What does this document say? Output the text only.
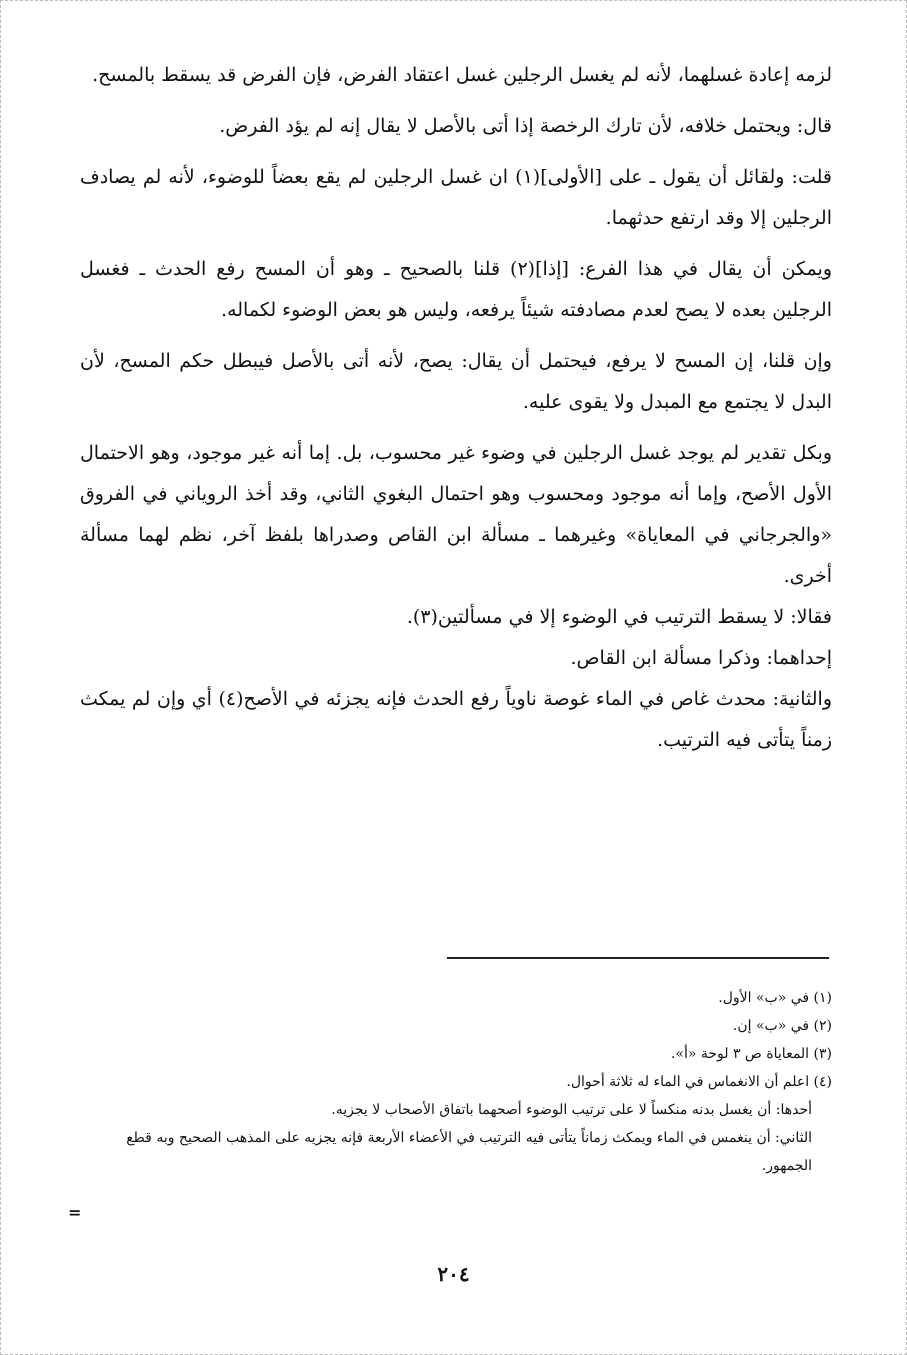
لزمه إعادة غسلهما، لأنه لم يغسل الرجلين غسل اعتقاد الفرض، فإن الفرض قد يسقط بالمسح.

قال: ويحتمل خلافه، لأن تارك الرخصة إذا أتى بالأصل لا يقال إنه لم يؤد الفرض.

قلت: ولقائل أن يقول ـ على [الأولى](١) ان غسل الرجلين لم يقع بعضاً للوضوء، لأنه لم يصادف الرجلين إلا وقد ارتفع حدثهما.

ويمكن أن يقال في هذا الفرع: [إذا](٢) قلنا بالصحيح ـ وهو أن المسح رفع الحدث ـ فغسل الرجلين بعده لا يصح لعدم مصادفته شيئاً يرفعه، وليس هو بعض الوضوء لكماله.

وإن قلنا، إن المسح لا يرفع، فيحتمل أن يقال: يصح، لأنه أتى بالأصل فيبطل حكم المسح، لأن البدل لا يجتمع مع المبدل ولا يقوى عليه.

وبكل تقدير لم يوجد غسل الرجلين في وضوء غير محسوب، بل. إما أنه غير موجود، وهو الاحتمال الأول الأصح، وإما أنه موجود ومحسوب وهو احتمال البغوي الثاني، وقد أخذ الروياني في الفروق «والجرجاني في المعاياة» وغيرهما ـ مسألة ابن القاص وصدراها بلفظ آخر، نظم لهما مسألة أخرى.

فقالا: لا يسقط الترتيب في الوضوء إلا في مسألتين(٣).

إحداهما: وذكرا مسألة ابن القاص.

والثانية: محدث غاص في الماء غوصة ناوياً رفع الحدث فإنه يجزئه في الأصح(٤) أي وإن لم يمكث زمناً يتأتى فيه الترتيب.

(١) في «ب» الأول.

(٢) في «ب» إن.

(٣) المعاياة ص ٣ لوحة «أ».

(٤) اعلم أن الانغماس في الماء له ثلاثة أحوال.

أحدها: أن يغسل بدنه منكساً لا على ترتيب الوضوء أصحهما باتفاق الأصحاب لا يجزيه.

الثاني: أن ينغمس في الماء ويمكث زماناً يتأتى فيه الترتيب في الأعضاء الأربعة فإنه يجزيه على المذهب الصحيح وبه قطع الجمهور.

=
٢٠٤
